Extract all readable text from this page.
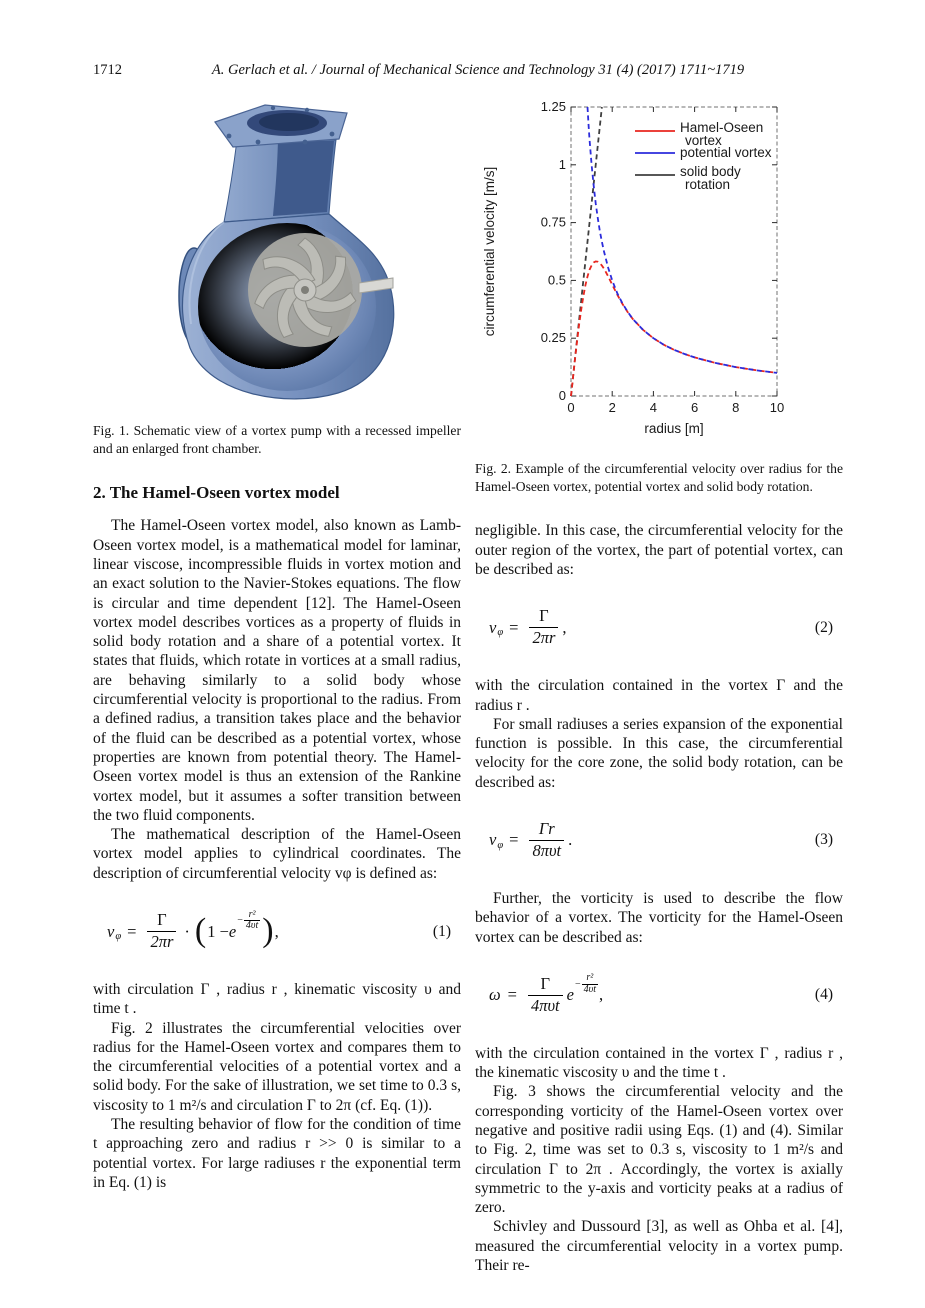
1712	A. Gerlach et al. / Journal of Mechanical Science and Technology 31 (4) (2017) 1711~1719
Fig. 1. Schematic view of a vortex pump with a recessed impeller and an enlarged front chamber.
2. The Hamel-Oseen vortex model

The Hamel-Oseen vortex model, also known as Lamb-Oseen vortex model, is a mathematical model for laminar, linear viscose, incompressible fluids in vortex motion and an exact solution to the Navier-Stokes equations. The flow is circular and time dependent [12]. The Hamel-Oseen vortex model describes vortices as a property of fluids in solid body rotation and a share of a potential vortex. It states that fluids, which rotate in vortices at a small radius, are behaving similarly to a solid body whose circumferential velocity is proportional to the radius. From a defined radius, a transition takes place and the behavior of the fluid can be described as a potential vortex, whose properties are known from potential theory. The Hamel-Oseen vortex model is thus an extension of the Rankine vortex model, but it assumes a softer transition between the two fluid components.

The mathematical description of the Hamel-Oseen vortex model applies to cylindrical coordinates. The description of circumferential velocity vφ is defined as:

v $\varphi = \frac{\Gamma}{2\pi r}$ · ( 1 − e
− $\frac{\text{r²}}{4\upsilon t}$ ) ,	(1)

with circulation Γ , radius r , kinematic viscosity υ and time t .

Fig. 2 illustrates the circumferential velocities over radius for the Hamel-Oseen vortex and compares them to the circumferential velocities of a potential vortex and a solid body. For the sake of illustration, we set time to 0.3 s, viscosity to 1 m²/s and circulation Γ to 2π (cf. Eq. (1)).

The resulting behavior of flow for the condition of time t approaching zero and radius r >> 0 is similar to a potential vortex. For large radiuses r the exponential term in Eq. (1) is

0	2	4	6	8 10
0
0.25
0.5
0.75
1
1.25
radius [m]
circumferential velocity [m/s]
Hamel-Oseen
vortex
potential vortex
solid body
rotation
Fig. 2. Example of the circumferential velocity over radius for the Hamel-Oseen vortex, potential vortex and solid body rotation.

negligible. In this case, the circumferential velocity for the outer region of the vortex, the part of potential vortex, can be described as:

v $\varphi = \frac{\Gamma}{2\pi r}$ ,	(2)

with the circulation contained in the vortex Γ and the radius r .

For small radiuses a series expansion of the exponential function is possible. In this case, the circumferential velocity for the core zone, the solid body rotation, can be described as:

v $\varphi = \frac{\Gamma r}{\text{8πυt}}$ .	(3)

Further, the vorticity is used to describe the flow behavior of a vortex. The vorticity for the Hamel-Oseen vortex can be described as:

$\omega = \frac{\Gamma}{\text{4πυt}}$ e
− $\frac{\text{r²}}{4\upsilon t}$ ,	(4)

with the circulation contained in the vortex Γ , radius r , the kinematic viscosity υ and the time t .

Fig. 3 shows the circumferential velocity and the corresponding vorticity of the Hamel-Oseen vortex over negative and positive radii using Eqs. (1) and (4). Similar to Fig. 2, time was set to 0.3 s, viscosity to 1 m²/s and circulation Γ to 2π . Accordingly, the vortex is axially symmetric to the y-axis and vorticity peaks at a radius of zero.

Schivley and Dussourd [3], as well as Ohba et al. [4], measured the circumferential velocity in a vortex pump. Their re-
